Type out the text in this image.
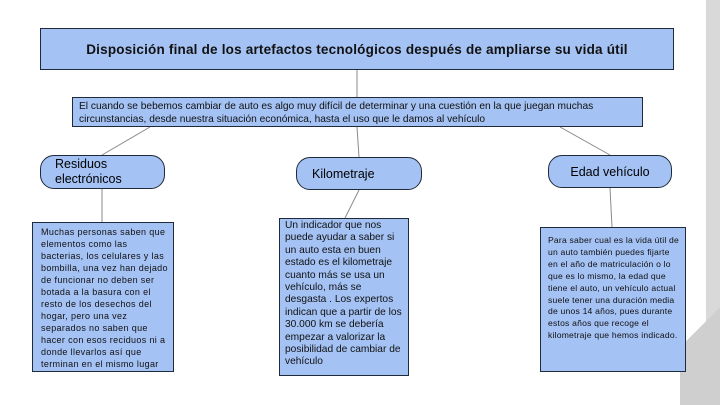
Disposición final de los artefactos tecnológicos después de ampliarse su vida útil
El cuando se bebemos cambiar de auto es algo muy difícil de determinar y una cuestión en la que juegan muchas circunstancias, desde nuestra situación económica, hasta el uso que le damos al vehículo
Residuos electrónicos	Kilometraje	Edad vehículo
Muchas personas saben que elementos como las bacterias, los celulares y las bombilla, una vez han dejado de funcionar no deben ser botada a la basura con el resto de los desechos del hogar, pero una vez separados no saben que hacer con esos reciduos ni a donde llevarlos así que terminan en el mismo lugar
Un indicador que nos puede ayudar a saber si un auto esta en buen estado es el kilometraje cuanto más se usa un vehículo, más se desgasta . Los expertos indican que a partir de los 30.000 km se debería empezar a valorizar la posibilidad de cambiar de vehículo
Para saber cual es la vida útil de un auto también puedes fijarte en el año de matriculación o lo que es lo mismo, la edad que tiene el auto, un vehículo actual suele tener una duración media de unos 14 años, pues durante estos años que recoge el kilometraje que hemos indicado.
